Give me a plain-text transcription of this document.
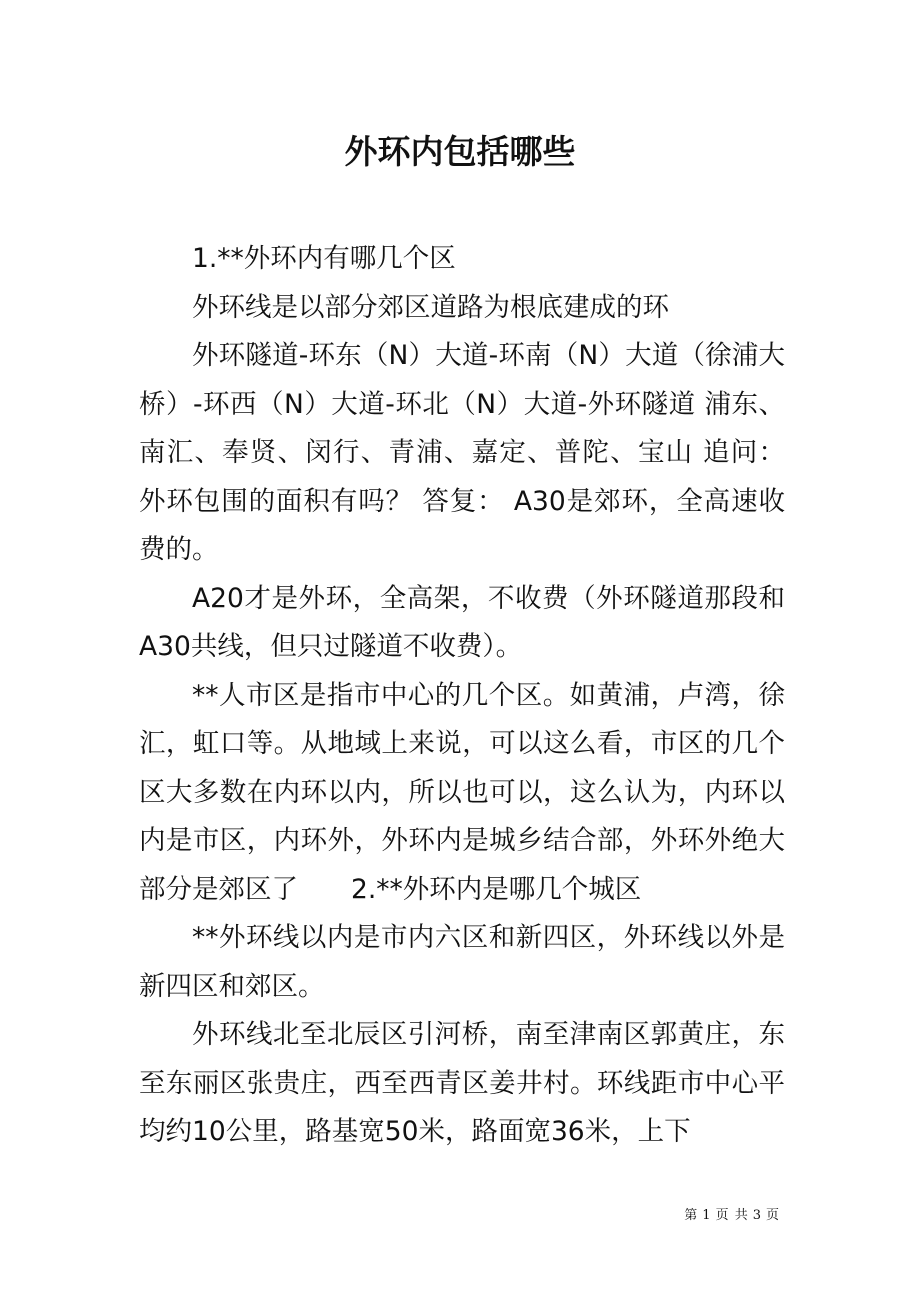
外环内包括哪些

1.**外环内有哪几个区

外环线是以部分郊区道路为根底建成的环

外环隧道-环东（N）大道-环南（N）大道（徐浦大桥）-环西（N）大道-环北（N）大道-外环隧道 浦东、南汇、奉贤、闵行、青浦、嘉定、普陀、宝山 追问： 外环包围的面积有吗？ 答复： A30是郊环，全高速收费的。

A20才是外环，全高架，不收费（外环隧道那段和A30共线，但只过隧道不收费）。

**人市区是指市中心的几个区。如黄浦，卢湾，徐汇，虹口等。从地域上来说，可以这么看，市区的几个区大多数在内环以内，所以也可以，这么认为，内环以内是市区，内环外，外环内是城乡结合部，外环外绝大部分是郊区了　　2.**外环内是哪几个城区

**外环线以内是市内六区和新四区，外环线以外是新四区和郊区。

外环线北至北辰区引河桥，南至津南区郭黄庄，东至东丽区张贵庄，西至西青区姜井村。环线距市中心平均约10公里，路基宽50米，路面宽36米，上下

第 1 页 共 3 页
